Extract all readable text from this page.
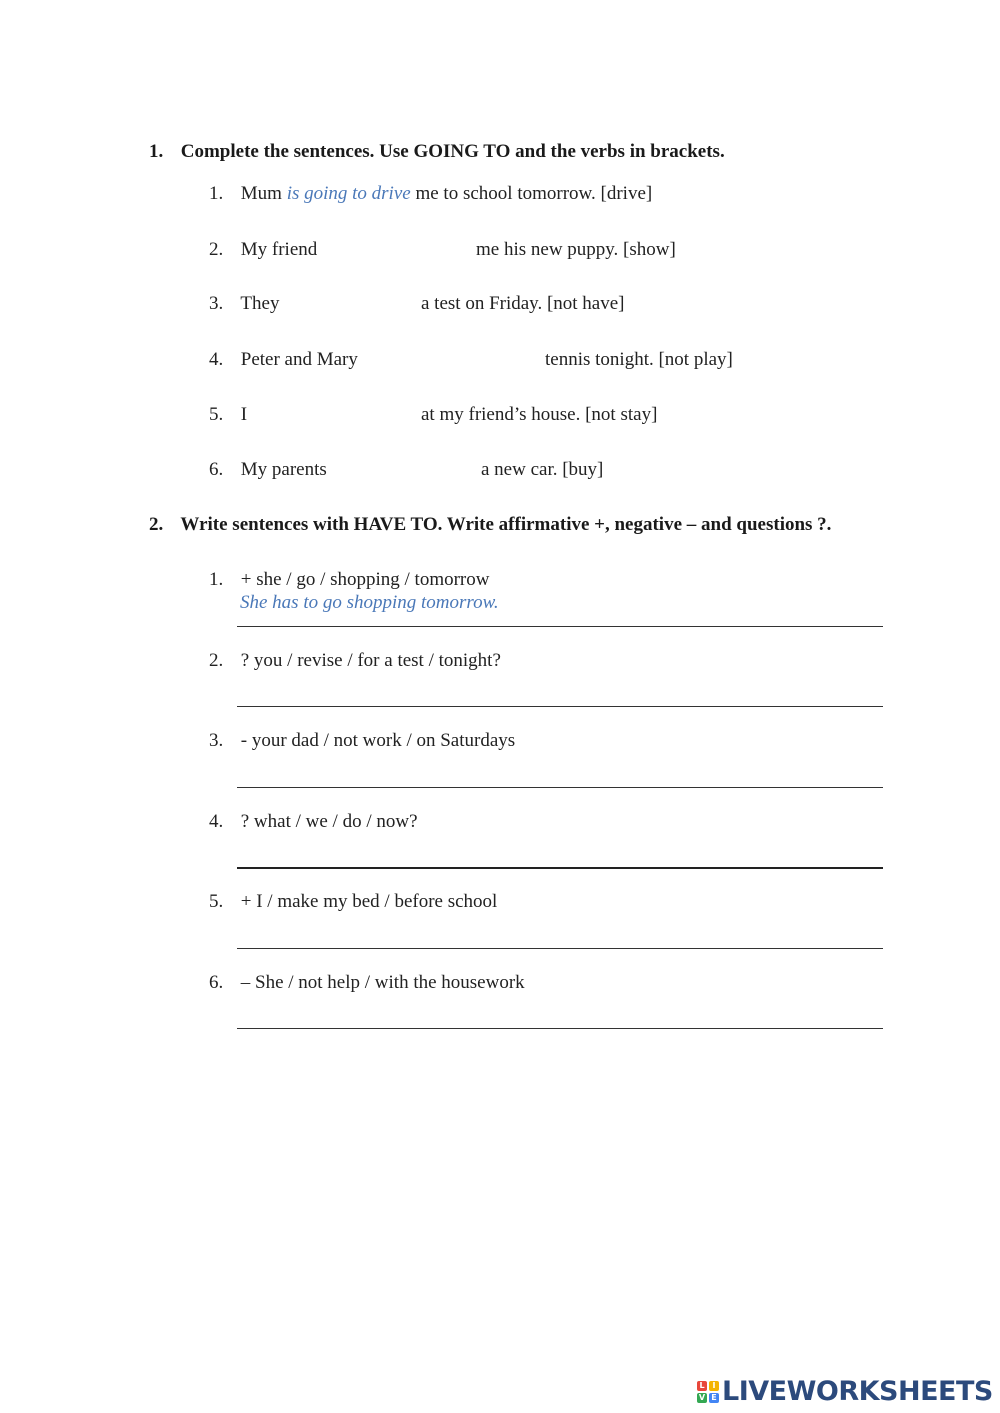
1. Complete the sentences. Use GOING TO and the verbs in brackets.
1. Mum is going to drive me to school tomorrow. [drive]
2. My friend	me his new puppy. [show]
3. They	a test on Friday. [not have]
4. Peter and Mary	tennis tonight. [not play]
5. I	at my friend’s house. [not stay]
6. My parents	a new car. [buy]
2. Write sentences with HAVE TO. Write affirmative +, negative – and questions ?.
1. + she / go / shopping / tomorrow
She has to go shopping tomorrow.
2. ? you / revise / for a test / tonight?
3. - your dad / not work / on Saturdays
4. ? what / we / do / now?
5. + I / make my bed / before school
6. – She / not help / with the housework
L I
V E LIVEWORKSHEETS
